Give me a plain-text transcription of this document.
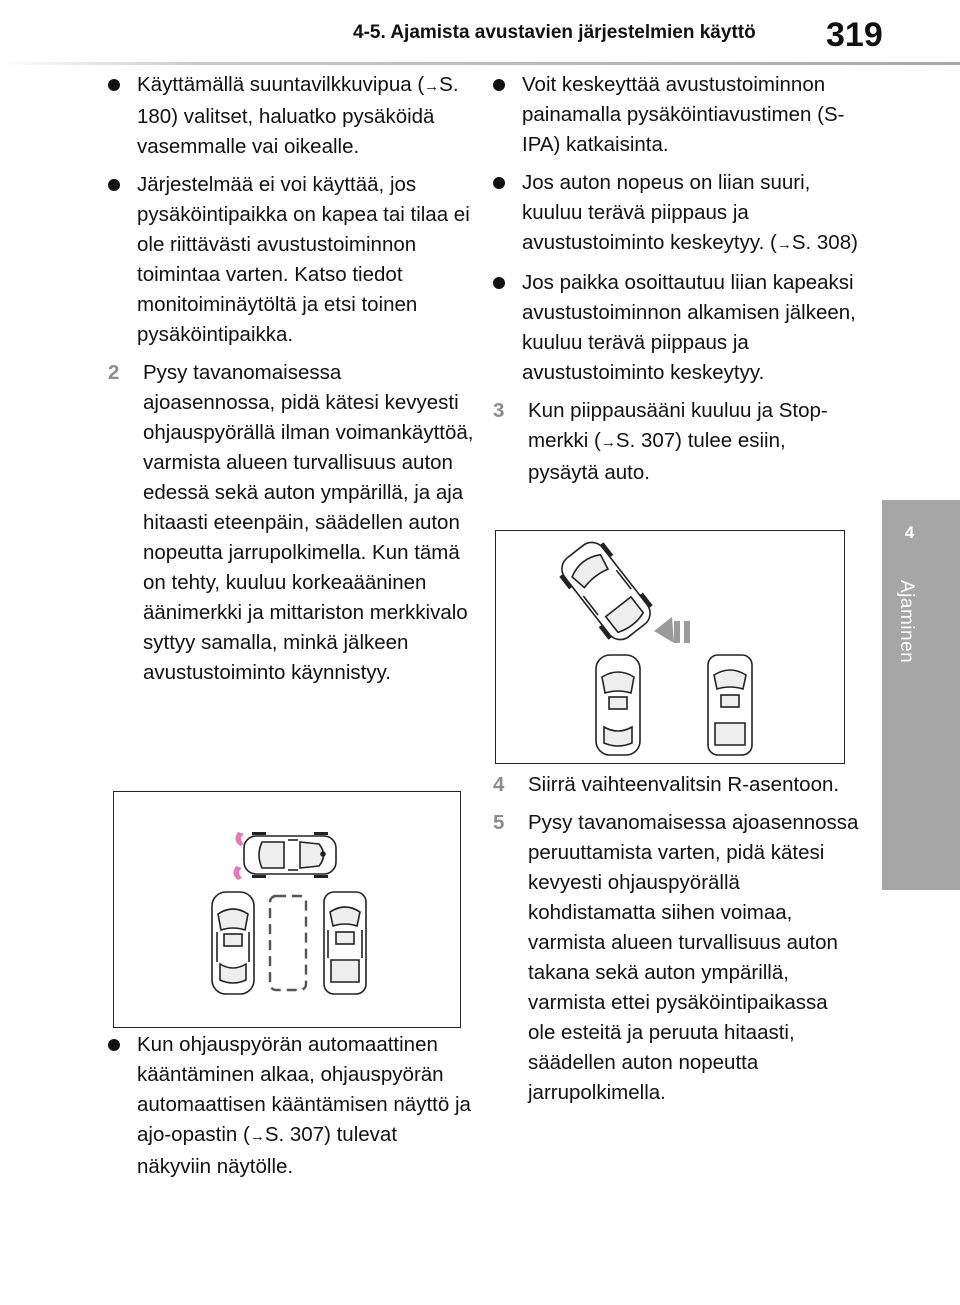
4-5. Ajamista avustavien järjestelmien käyttö 319
4
Ajaminen
Käyttämällä suuntavilkkuvipua (→S. 180) valitset, haluatko pysäköidä vasemmalle vai oikealle.
Järjestelmää ei voi käyttää, jos pysäköintipaikka on kapea tai tilaa ei ole riittävästi avustustoiminnon toimintaa varten. Katso tiedot monitoiminäytöltä ja etsi toinen pysäköintipaikka.
2 Pysy tavanomaisessa ajoasennossa, pidä kätesi kevyesti ohjauspyörällä ilman voimankäyttöä, varmista alueen turvallisuus auton edessä sekä auton ympärillä, ja aja hitaasti eteenpäin, säädellen auton nopeutta jarrupolkimella. Kun tämä on tehty, kuuluu korkeaääninen äänimerkki ja mittariston merkkivalo syttyy samalla, minkä jälkeen avustustoiminto käynnistyy.
Kun ohjauspyörän automaattinen kääntäminen alkaa, ohjauspyörän automaattisen kääntämisen näyttö ja ajo-opastin (→S. 307) tulevat näkyviin näytölle.
Voit keskeyttää avustustoiminnon painamalla pysäköintiavustimen (S-IPA) katkaisinta.
Jos auton nopeus on liian suuri, kuuluu terävä piippaus ja avustustoiminto keskeytyy. (→S. 308)
Jos paikka osoittautuu liian kapeaksi avustustoiminnon alkamisen jälkeen, kuuluu terävä piippaus ja avustustoiminto keskeytyy.
3 Kun piippausääni kuuluu ja Stop-merkki (→S. 307) tulee esiin, pysäytä auto.
4 Siirrä vaihteenvalitsin R-asentoon.
5 Pysy tavanomaisessa ajoasennossa peruuttamista varten, pidä kätesi kevyesti ohjauspyörällä kohdistamatta siihen voimaa, varmista alueen turvallisuus auton takana sekä auton ympärillä, varmista ettei pysäköintipaikassa ole esteitä ja peruuta hitaasti, säädellen auton nopeutta jarrupolkimella.
